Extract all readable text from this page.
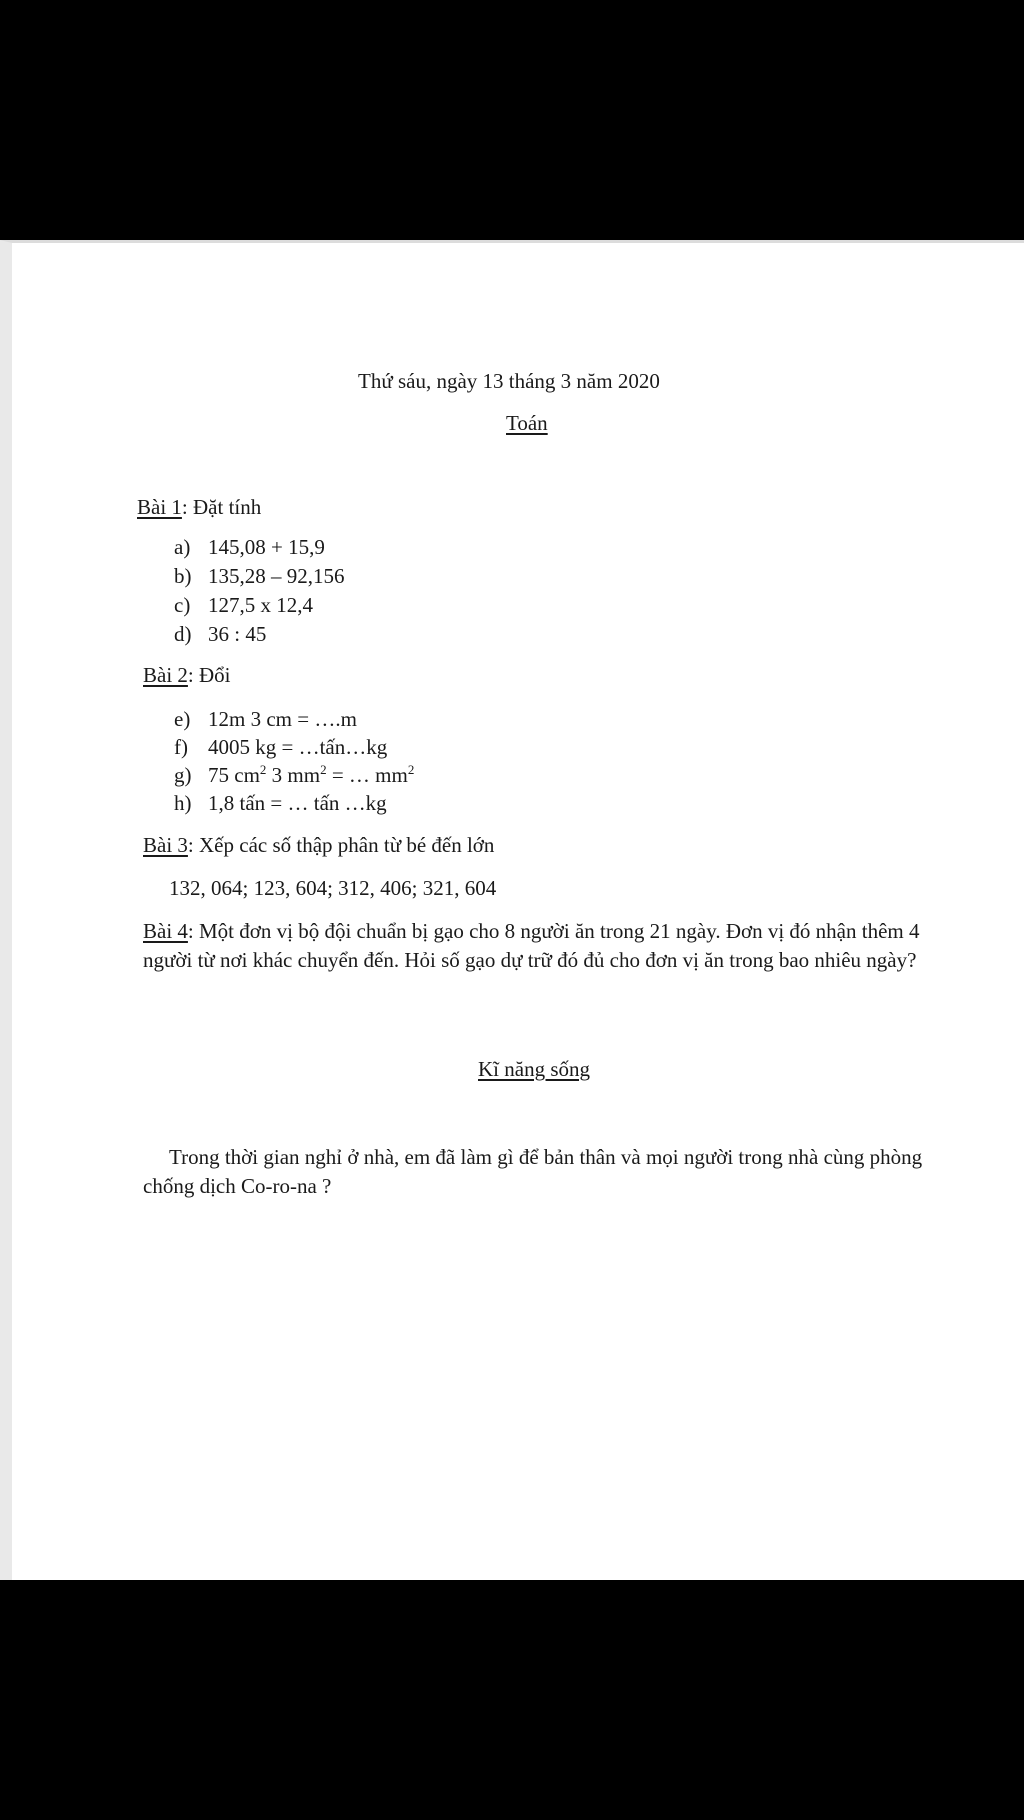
Thứ sáu, ngày 13 tháng 3 năm 2020
Toán
Bài 1: Đặt tính
a) 145,08 + 15,9
b) 135,28 – 92,156
c) 127,5 x 12,4
d) 36 : 45
Bài 2: Đổi
e) 12m 3 cm = ….m
f) 4005 kg = …tấn…kg
g) 75 $cm^2$ 3 $mm^2$ = … $mm^2$
h) 1,8 tấn = … tấn …kg
Bài 3: Xếp các số thập phân từ bé đến lớn
132, 064; 123, 604; 312, 406; 321, 604
Bài 4: Một đơn vị bộ đội chuẩn bị gạo cho 8 người ăn trong 21 ngày. Đơn vị đó nhận thêm 4 người từ nơi khác chuyển đến. Hỏi số gạo dự trữ đó đủ cho đơn vị ăn trong bao nhiêu ngày?
Kĩ năng sống
Trong thời gian nghỉ ở nhà, em đã làm gì để bản thân và mọi người trong nhà cùng phòng chống dịch Co-ro-na ?
